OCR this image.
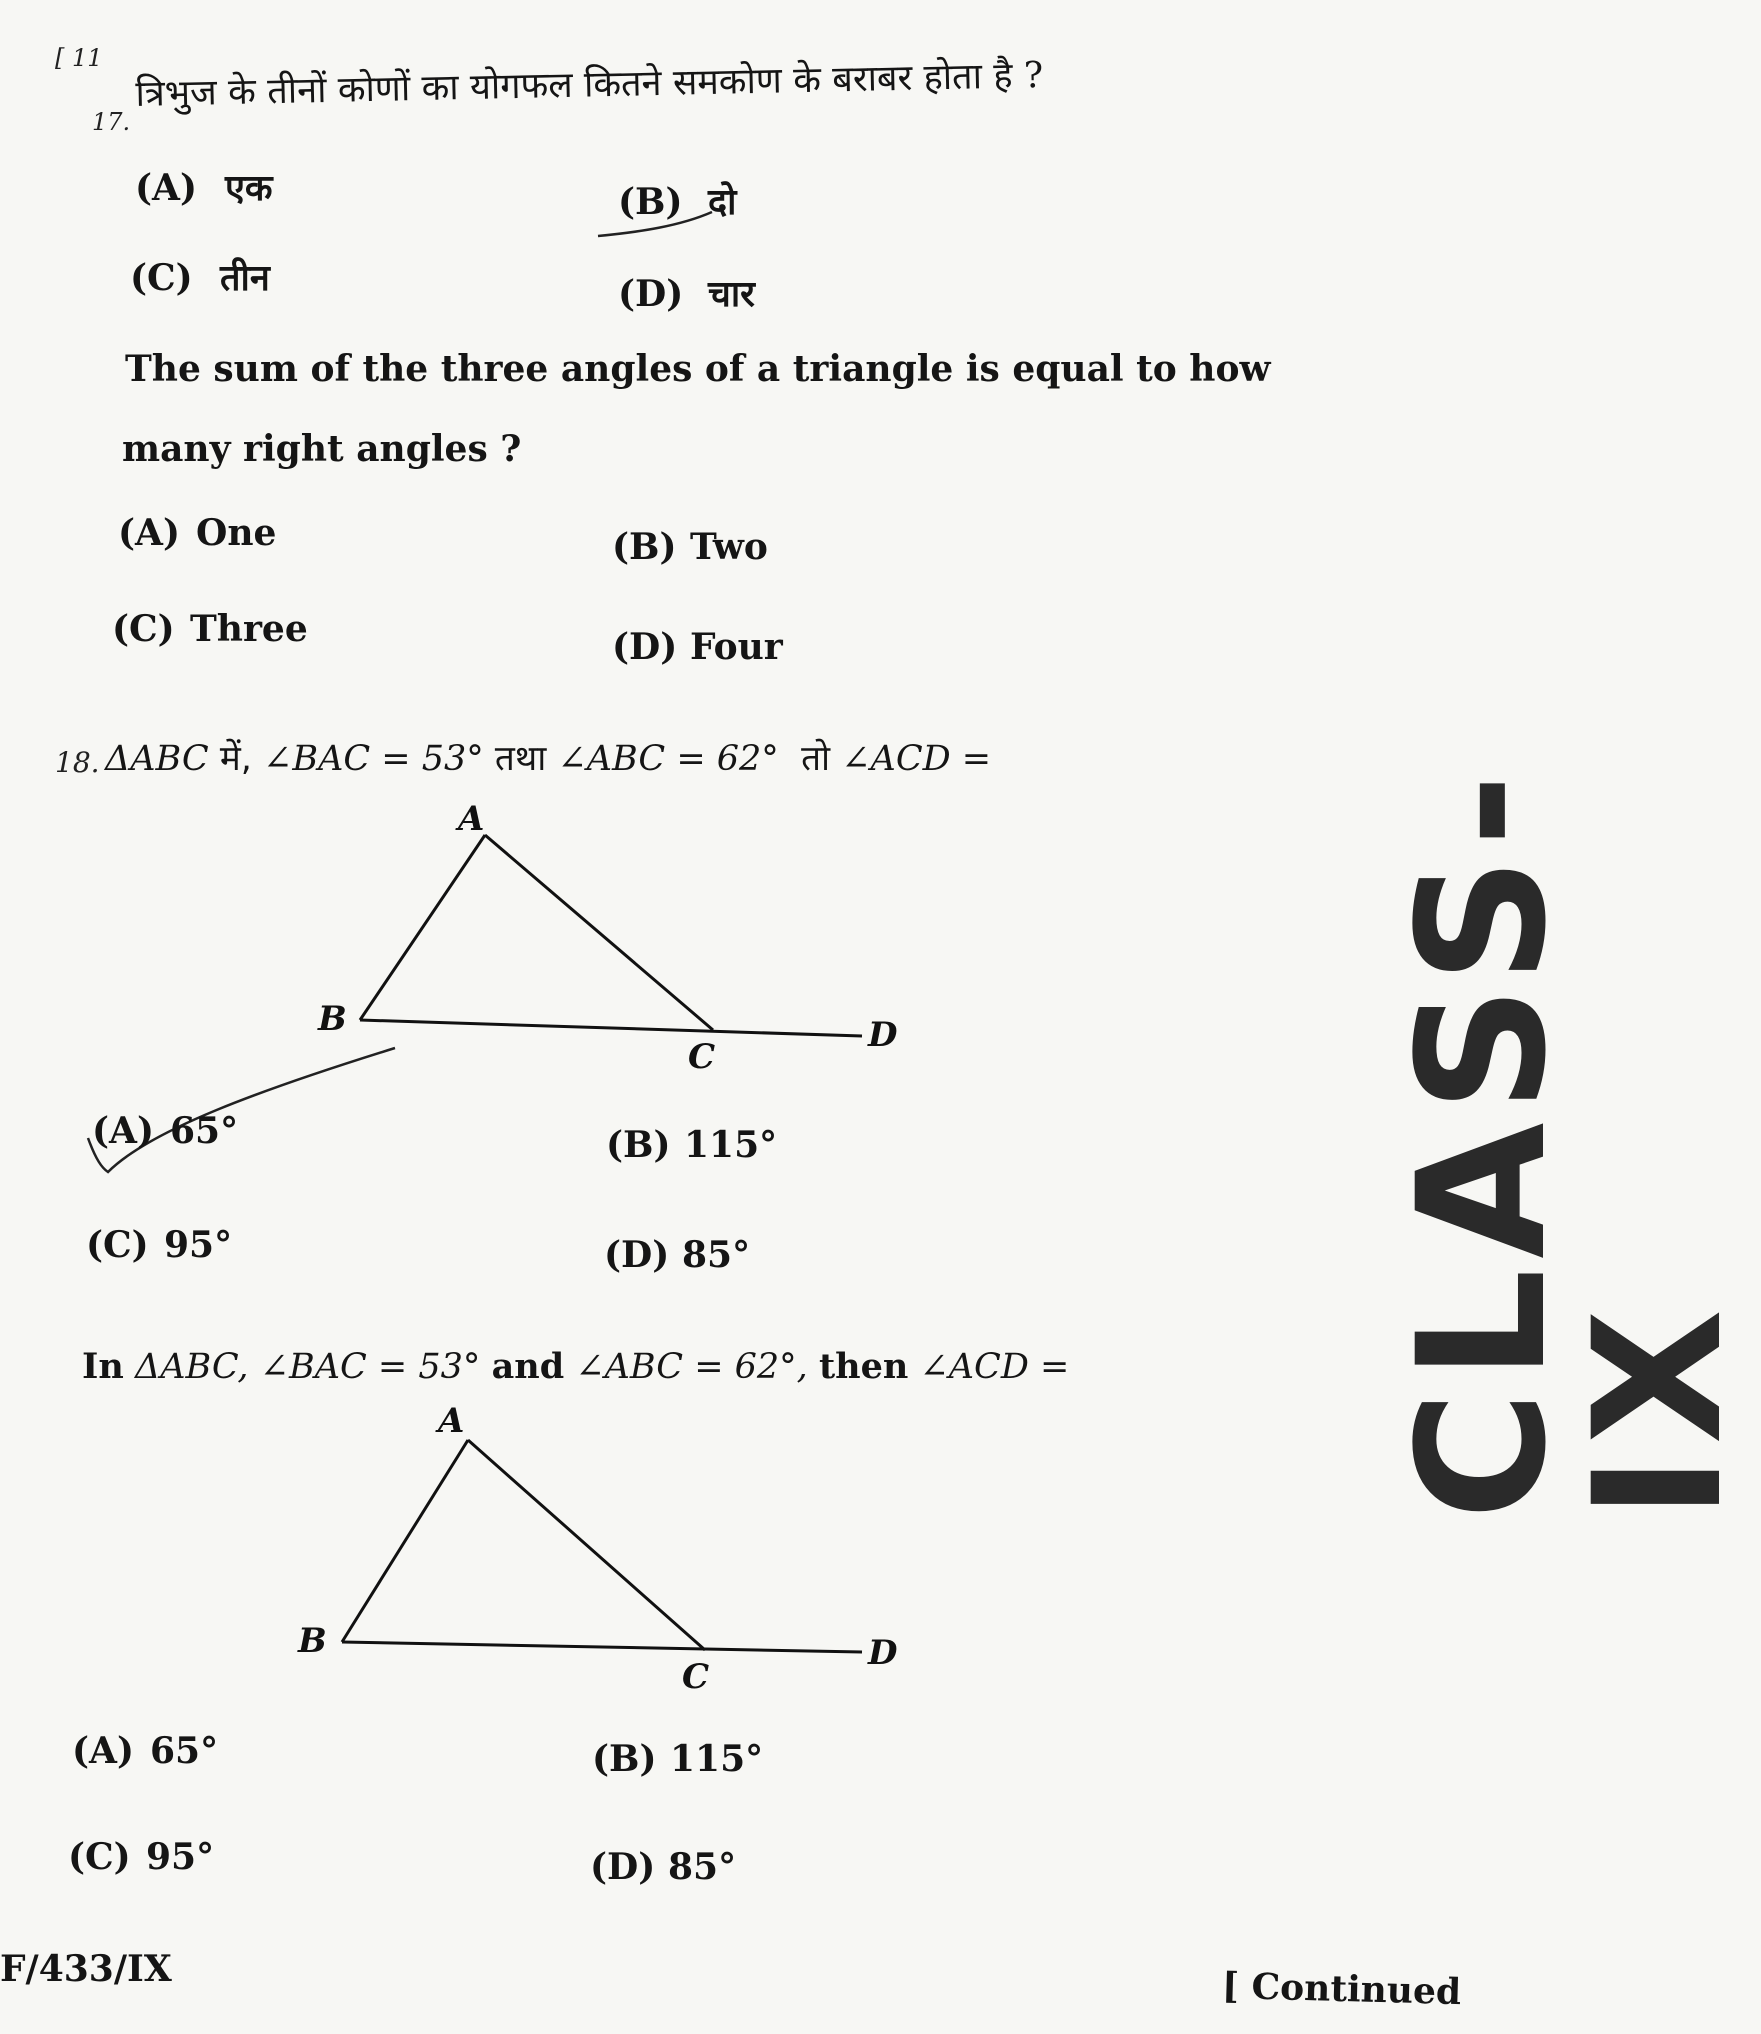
[ 11
17.
त्रिभुज के तीनों कोणों का योगफल कितने समकोण के बराबर होता है ?
(A) एक	(B) दो
(C) तीन	(D) चार
The sum of the three angles of a triangle is equal to how
many right angles ?
(A) One	(B) Two
(C) Three	(D) Four
18. ΔABC में, ∠BAC = 53° तथा ∠ABC = 62° तो ∠ACD =
A
B
C
D
A
B
C
D
(A) 65°	(B) 115°
(C) 95°	(D) 85°
In ΔABC, ∠BAC = 53° and ∠ABC = 62°, then ∠ACD =
(A) 65°	(B) 115°
(C) 95°	(D) 85°
CLASS-IX
F/433/IX	[ Continued
